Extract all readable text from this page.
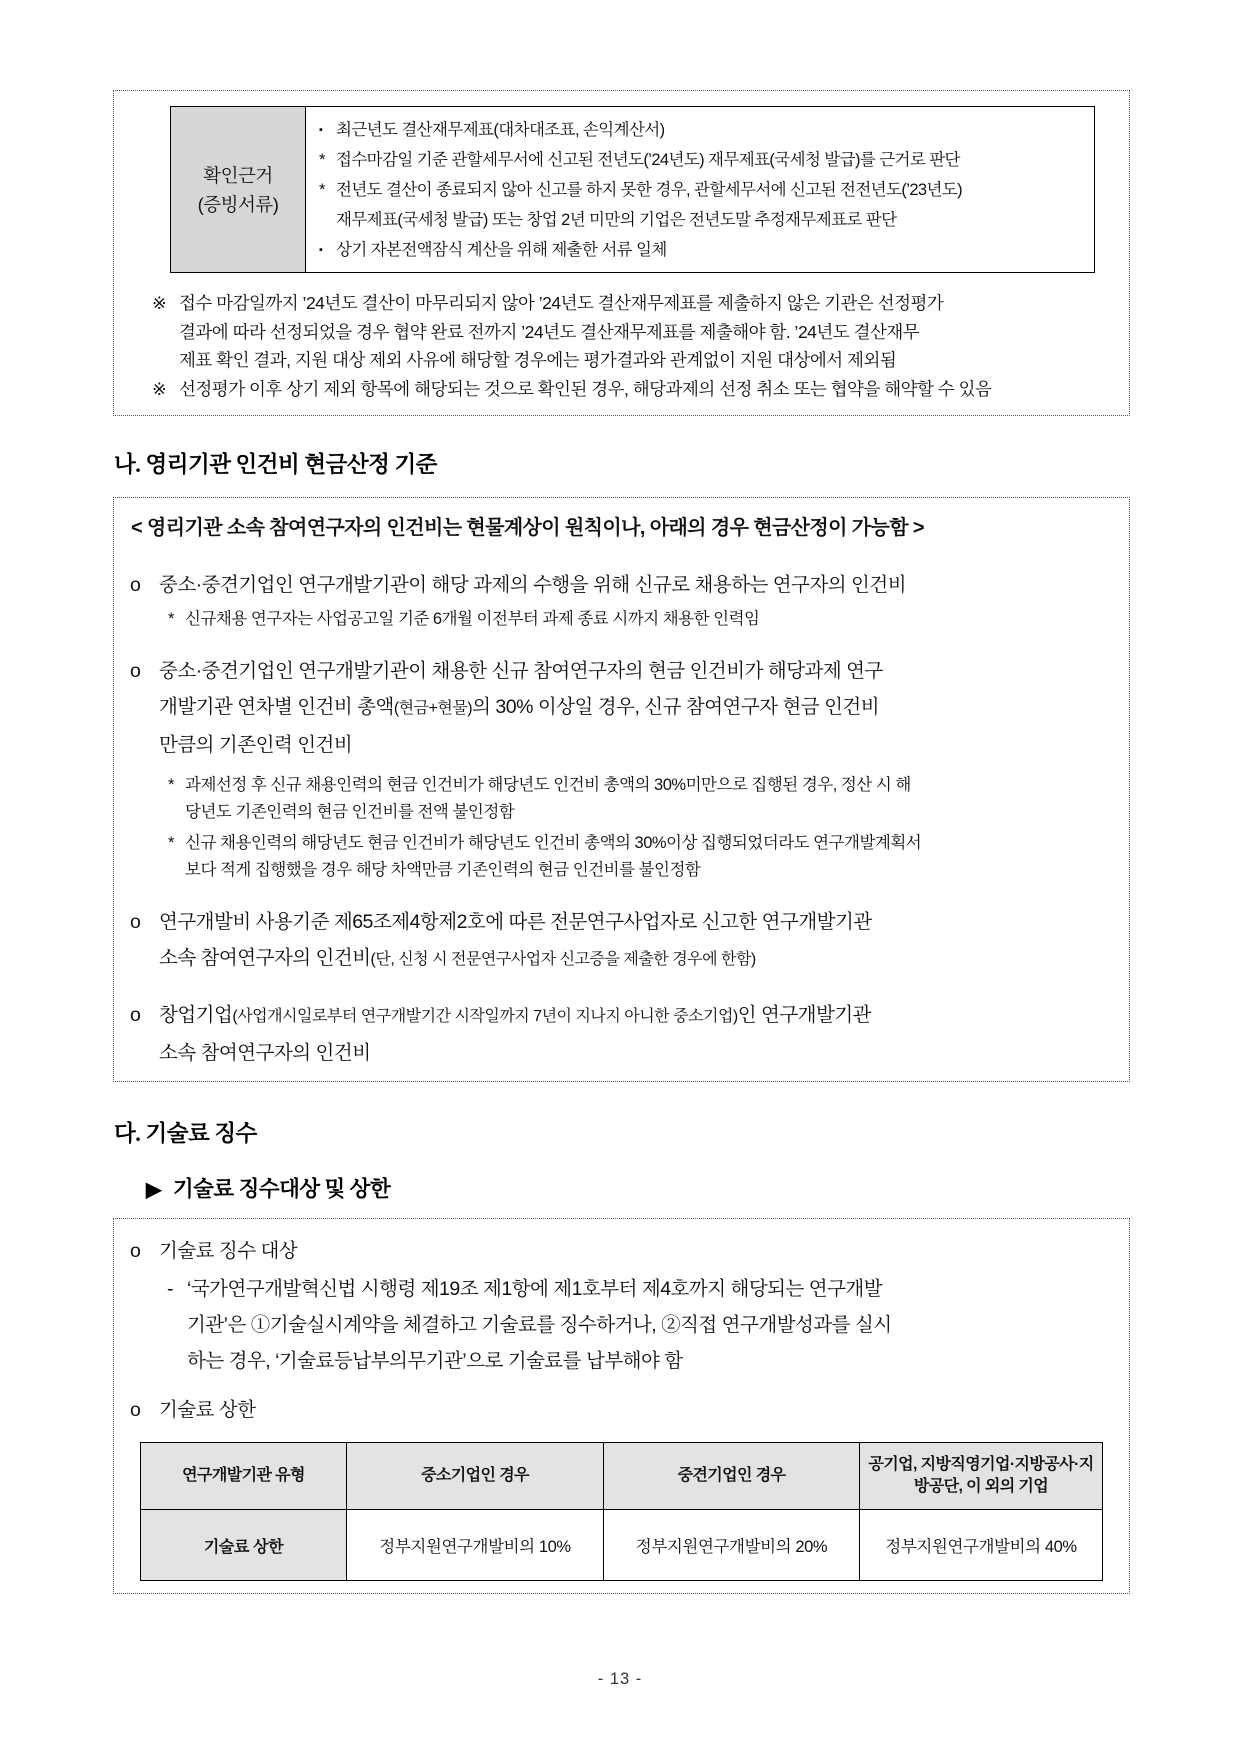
확인근거
(증빙서류)

▪ 최근년도 결산재무제표(대차대조표, 손익계산서)
* 접수마감일 기준 관할세무서에 신고된 전년도(’24년도) 재무제표(국세청 발급)를 근거로 판단
* 전년도 결산이 종료되지 않아 신고를 하지 못한 경우, 관할세무서에 신고된 전전년도(’23년도)
재무제표(국세청 발급) 또는 창업 2년 미만의 기업은 전년도말 추정재무제표로 판단
▪ 상기 자본전액잠식 계산을 위해 제출한 서류 일체
※ 접수 마감일까지 ’24년도 결산이 마무리되지 않아 ’24년도 결산재무제표를 제출하지 않은 기관은 선정평가
결과에 따라 선정되었을 경우 협약 완료 전까지 ’24년도 결산재무제표를 제출해야 함. ’24년도 결산재무
제표 확인 결과, 지원 대상 제외 사유에 해당할 경우에는 평가결과와 관계없이 지원 대상에서 제외됨
※ 선정평가 이후 상기 제외 항목에 해당되는 것으로 확인된 경우, 해당과제의 선정 취소 또는 협약을 해약할 수 있음
나. 영리기관 인건비 현금산정 기준
< 영리기관 소속 참여연구자의 인건비는 현물계상이 원칙이나, 아래의 경우 현금산정이 가능함 >
o 중소·중견기업인 연구개발기관이 해당 과제의 수행을 위해 신규로 채용하는 연구자의 인건비
* 신규채용 연구자는 사업공고일 기준 6개월 이전부터 과제 종료 시까지 채용한 인력임
o 중소·중견기업인 연구개발기관이 채용한 신규 참여연구자의 현금 인건비가 해당과제 연구
개발기관 연차별 인건비 총액(현금+현물)의 30% 이상일 경우, 신규 참여연구자 현금 인건비
만큼의 기존인력 인건비
* 과제선정 후 신규 채용인력의 현금 인건비가 해당년도 인건비 총액의 30%미만으로 집행된 경우, 정산 시 해
당년도 기존인력의 현금 인건비를 전액 불인정함
* 신규 채용인력의 해당년도 현금 인건비가 해당년도 인건비 총액의 30%이상 집행되었더라도 연구개발계획서
보다 적게 집행했을 경우 해당 차액만큼 기존인력의 현금 인건비를 불인정함
o 연구개발비 사용기준 제65조제4항제2호에 따른 전문연구사업자로 신고한 연구개발기관
소속 참여연구자의 인건비(단, 신청 시 전문연구사업자 신고증을 제출한 경우에 한함)
o 창업기업(사업개시일로부터 연구개발기간 시작일까지 7년이 지나지 아니한 중소기업)인 연구개발기관
소속 참여연구자의 인건비
다. 기술료 징수
▶ 기술료 징수대상 및 상한
o 기술료 징수 대상
- ‘국가연구개발혁신법 시행령 제19조 제1항에 제1호부터 제4호까지 해당되는 연구개발
기관’은 ①기술실시계약을 체결하고 기술료를 징수하거나, ②직접 연구개발성과를 실시
하는 경우, ‘기술료등납부의무기관’으로 기술료를 납부해야 함
o 기술료 상한
연구개발기관 유형	중소기업인 경우	중견기업인 경우	공기업, 지방직영기업·지방공사·지방공단, 이 외의 기업
기술료 상한	정부지원연구개발비의 10%	정부지원연구개발비의 20%	정부지원연구개발비의 40%
- 13 -
